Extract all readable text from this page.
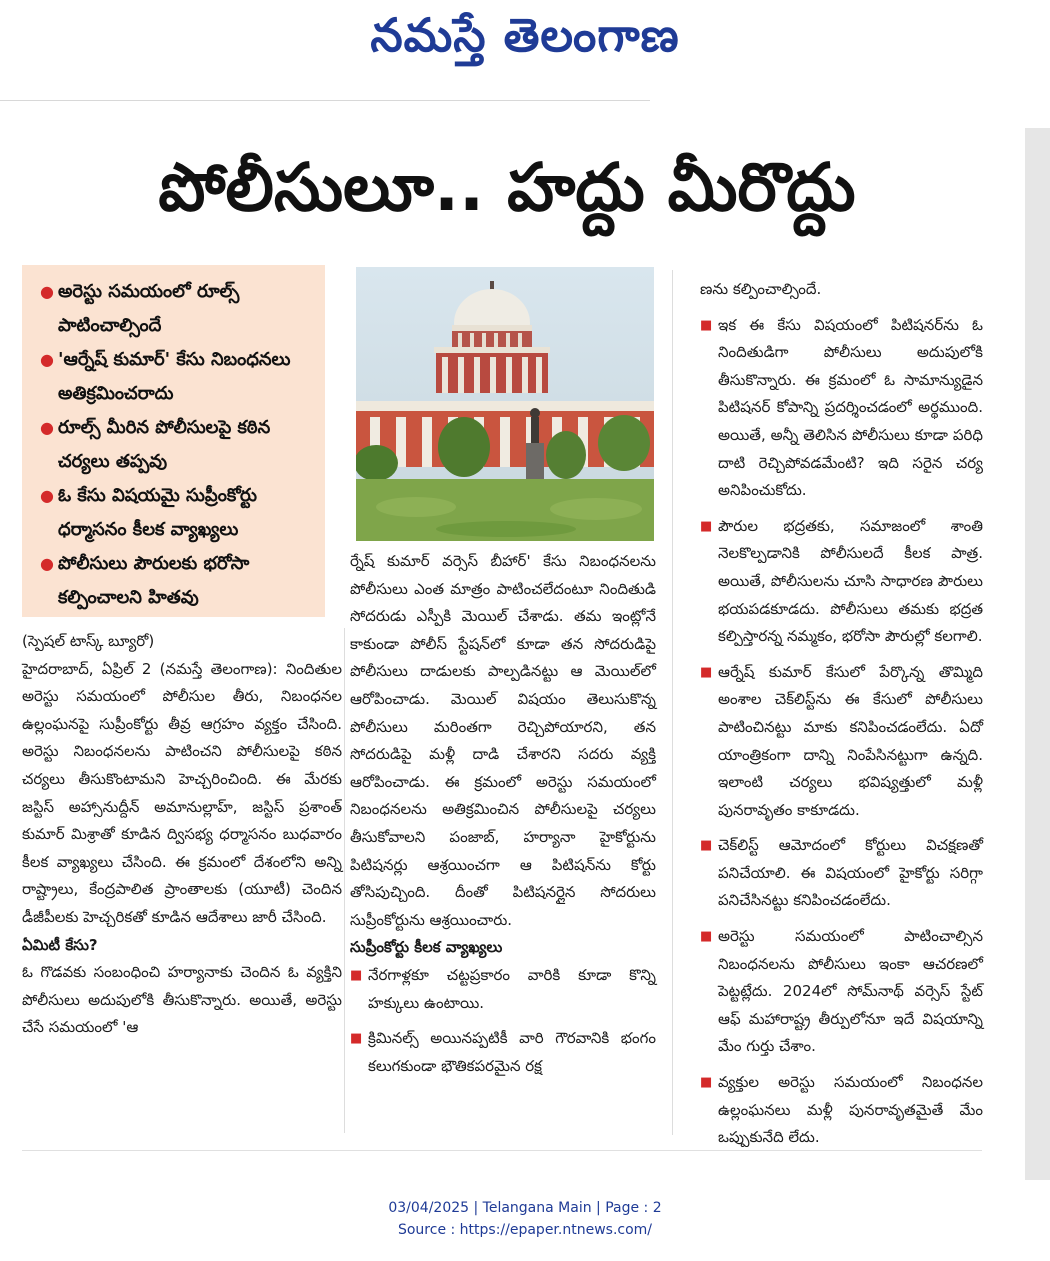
నమస్తే తెలంగాణ
పోలీసులూ.. హద్దు మీరొద్దు
● అరెస్టు సమయంలో రూల్స్ పాటించాల్సిందే
● 'ఆర్నేష్ కుమార్' కేసు నిబంధనలు అతిక్రమించరాదు
● రూల్స్ మీరిన పోలీసులపై కఠిన చర్యలు తప్పవు
● ఓ కేసు విషయమై సుప్రీంకోర్టు ధర్మాసనం కీలక వ్యాఖ్యలు
● పోలీసులు పౌరులకు భరోసా కల్పించాలని హితవు

(స్పెషల్ టాస్క్ బ్యూరో)

హైదరాబాద్, ఏప్రిల్ 2 (నమస్తే తెలంగాణ): నిందితుల అరెస్టు సమయంలో పోలీసుల తీరు, నిబంధనల ఉల్లంఘనపై సుప్రీంకోర్టు తీవ్ర ఆగ్రహం వ్యక్తం చేసింది. అరెస్టు నిబంధనలను పాటించని పోలీసులపై కఠిన చర్యలు తీసుకొంటామని హెచ్చరించింది. ఈ మేరకు జస్టిస్ అహ్సానుద్దీన్ అమానుల్లాహ్, జస్టిస్ ప్రశాంత్ కుమార్ మిశ్రాతో కూడిన ద్విసభ్య ధర్మాసనం బుధవారం కీలక వ్యాఖ్యలు చేసింది. ఈ క్రమంలో దేశంలోని అన్ని రాష్ట్రాలు, కేంద్రపాలిత ప్రాంతాలకు (యూటీ) చెందిన డీజీపీలకు హెచ్చరికతో కూడిన ఆదేశాలు జారీ చేసింది.

ఏమిటీ కేసు?

ఓ గొడవకు సంబంధించి హర్యానాకు చెందిన ఓ వ్యక్తిని పోలీసులు అదుపులోకి తీసుకొన్నారు. అయితే, అరెస్టు చేసే సమయంలో 'ఆ

ర్నేష్ కుమార్ వర్సెస్ బీహార్' కేసు నిబంధనలను పోలీసులు ఎంత మాత్రం పాటించలేదంటూ నిందితుడి సోదరుడు ఎస్పీకి మెయిల్ చేశాడు. తమ ఇంట్లోనే కాకుండా పోలీస్ స్టేషన్‌లో కూడా తన సోదరుడిపై పోలీసులు దాడులకు పాల్పడినట్టు ఆ మెయిల్‌లో ఆరోపించాడు. మెయిల్ విషయం తెలుసుకొన్న పోలీసులు మరింతగా రెచ్చిపోయారని, తన సోదరుడిపై మళ్లీ దాడి చేశారని సదరు వ్యక్తి ఆరోపించాడు. ఈ క్రమంలో అరెస్టు సమయంలో నిబంధనలను అతిక్రమించిన పోలీసులపై చర్యలు తీసుకోవాలని పంజాబ్, హర్యానా హైకోర్టును పిటిషనర్లు ఆశ్రయించగా ఆ పిటిషన్‌ను కోర్టు తోసిపుచ్చింది. దీంతో పిటిషనర్లైన సోదరులు సుప్రీంకోర్టును ఆశ్రయించారు.

సుప్రీంకోర్టు కీలక వ్యాఖ్యలు

■ నేరగాళ్లకూ చట్టప్రకారం వారికి కూడా కొన్ని హక్కులు ఉంటాయి.

■ క్రిమినల్స్ అయినప్పటికీ వారి గౌరవానికి భంగం కలుగకుండా భౌతికపరమైన రక్ష

ణను కల్పించాల్సిందే.

■ ఇక ఈ కేసు విషయంలో పిటిషనర్‌ను ఓ నిందితుడిగా పోలీసులు అదుపులోకి తీసుకొన్నారు. ఈ క్రమంలో ఓ సామాన్యుడైన పిటిషనర్ కోపాన్ని ప్రదర్శించడంలో అర్థముంది. అయితే, అన్నీ తెలిసిన పోలీసులు కూడా పరిధి దాటి రెచ్చిపోవడమేంటి? ఇది సరైన చర్య అనిపించుకోదు.

■ పౌరుల భద్రతకు, సమాజంలో శాంతి నెలకొల్పడానికి పోలీసులదే కీలక పాత్ర. అయితే, పోలీసులను చూసి సాధారణ పౌరులు భయపడకూడదు. పోలీసులు తమకు భద్రత కల్పిస్తారన్న నమ్మకం, భరోసా పౌరుల్లో కలగాలి.

■ ఆర్నేష్ కుమార్ కేసులో పేర్కొన్న తొమ్మిది అంశాల చెక్‌లిస్ట్‌ను ఈ కేసులో పోలీసులు పాటించినట్టు మాకు కనిపించడంలేదు. ఏదో యాంత్రికంగా దాన్ని నింపేసినట్టుగా ఉన్నది. ఇలాంటి చర్యలు భవిష్యత్తులో మళ్లీ పునరావృతం కాకూడదు.

■ చెక్‌లిస్ట్ ఆమోదంలో కోర్టులు విచక్షణతో పనిచేయాలి. ఈ విషయంలో హైకోర్టు సరిగ్గా పనిచేసినట్టు కనిపించడంలేదు.

■ అరెస్టు సమయంలో పాటించాల్సిన నిబంధనలను పోలీసులు ఇంకా ఆచరణలో పెట్టట్లేదు. 2024లో సోమ్‌నాథ్ వర్సెస్ స్టేట్ ఆఫ్ మహారాష్ట్ర తీర్పులోనూ ఇదే విషయాన్ని మేం గుర్తు చేశాం.

■ వ్యక్తుల అరెస్టు సమయంలో నిబంధనల ఉల్లంఘనలు మళ్లీ పునరావృతమైతే మేం ఒప్పుకునేది లేదు.

03/04/2025 | Telangana Main | Page : 2
Source : https://epaper.ntnews.com/
